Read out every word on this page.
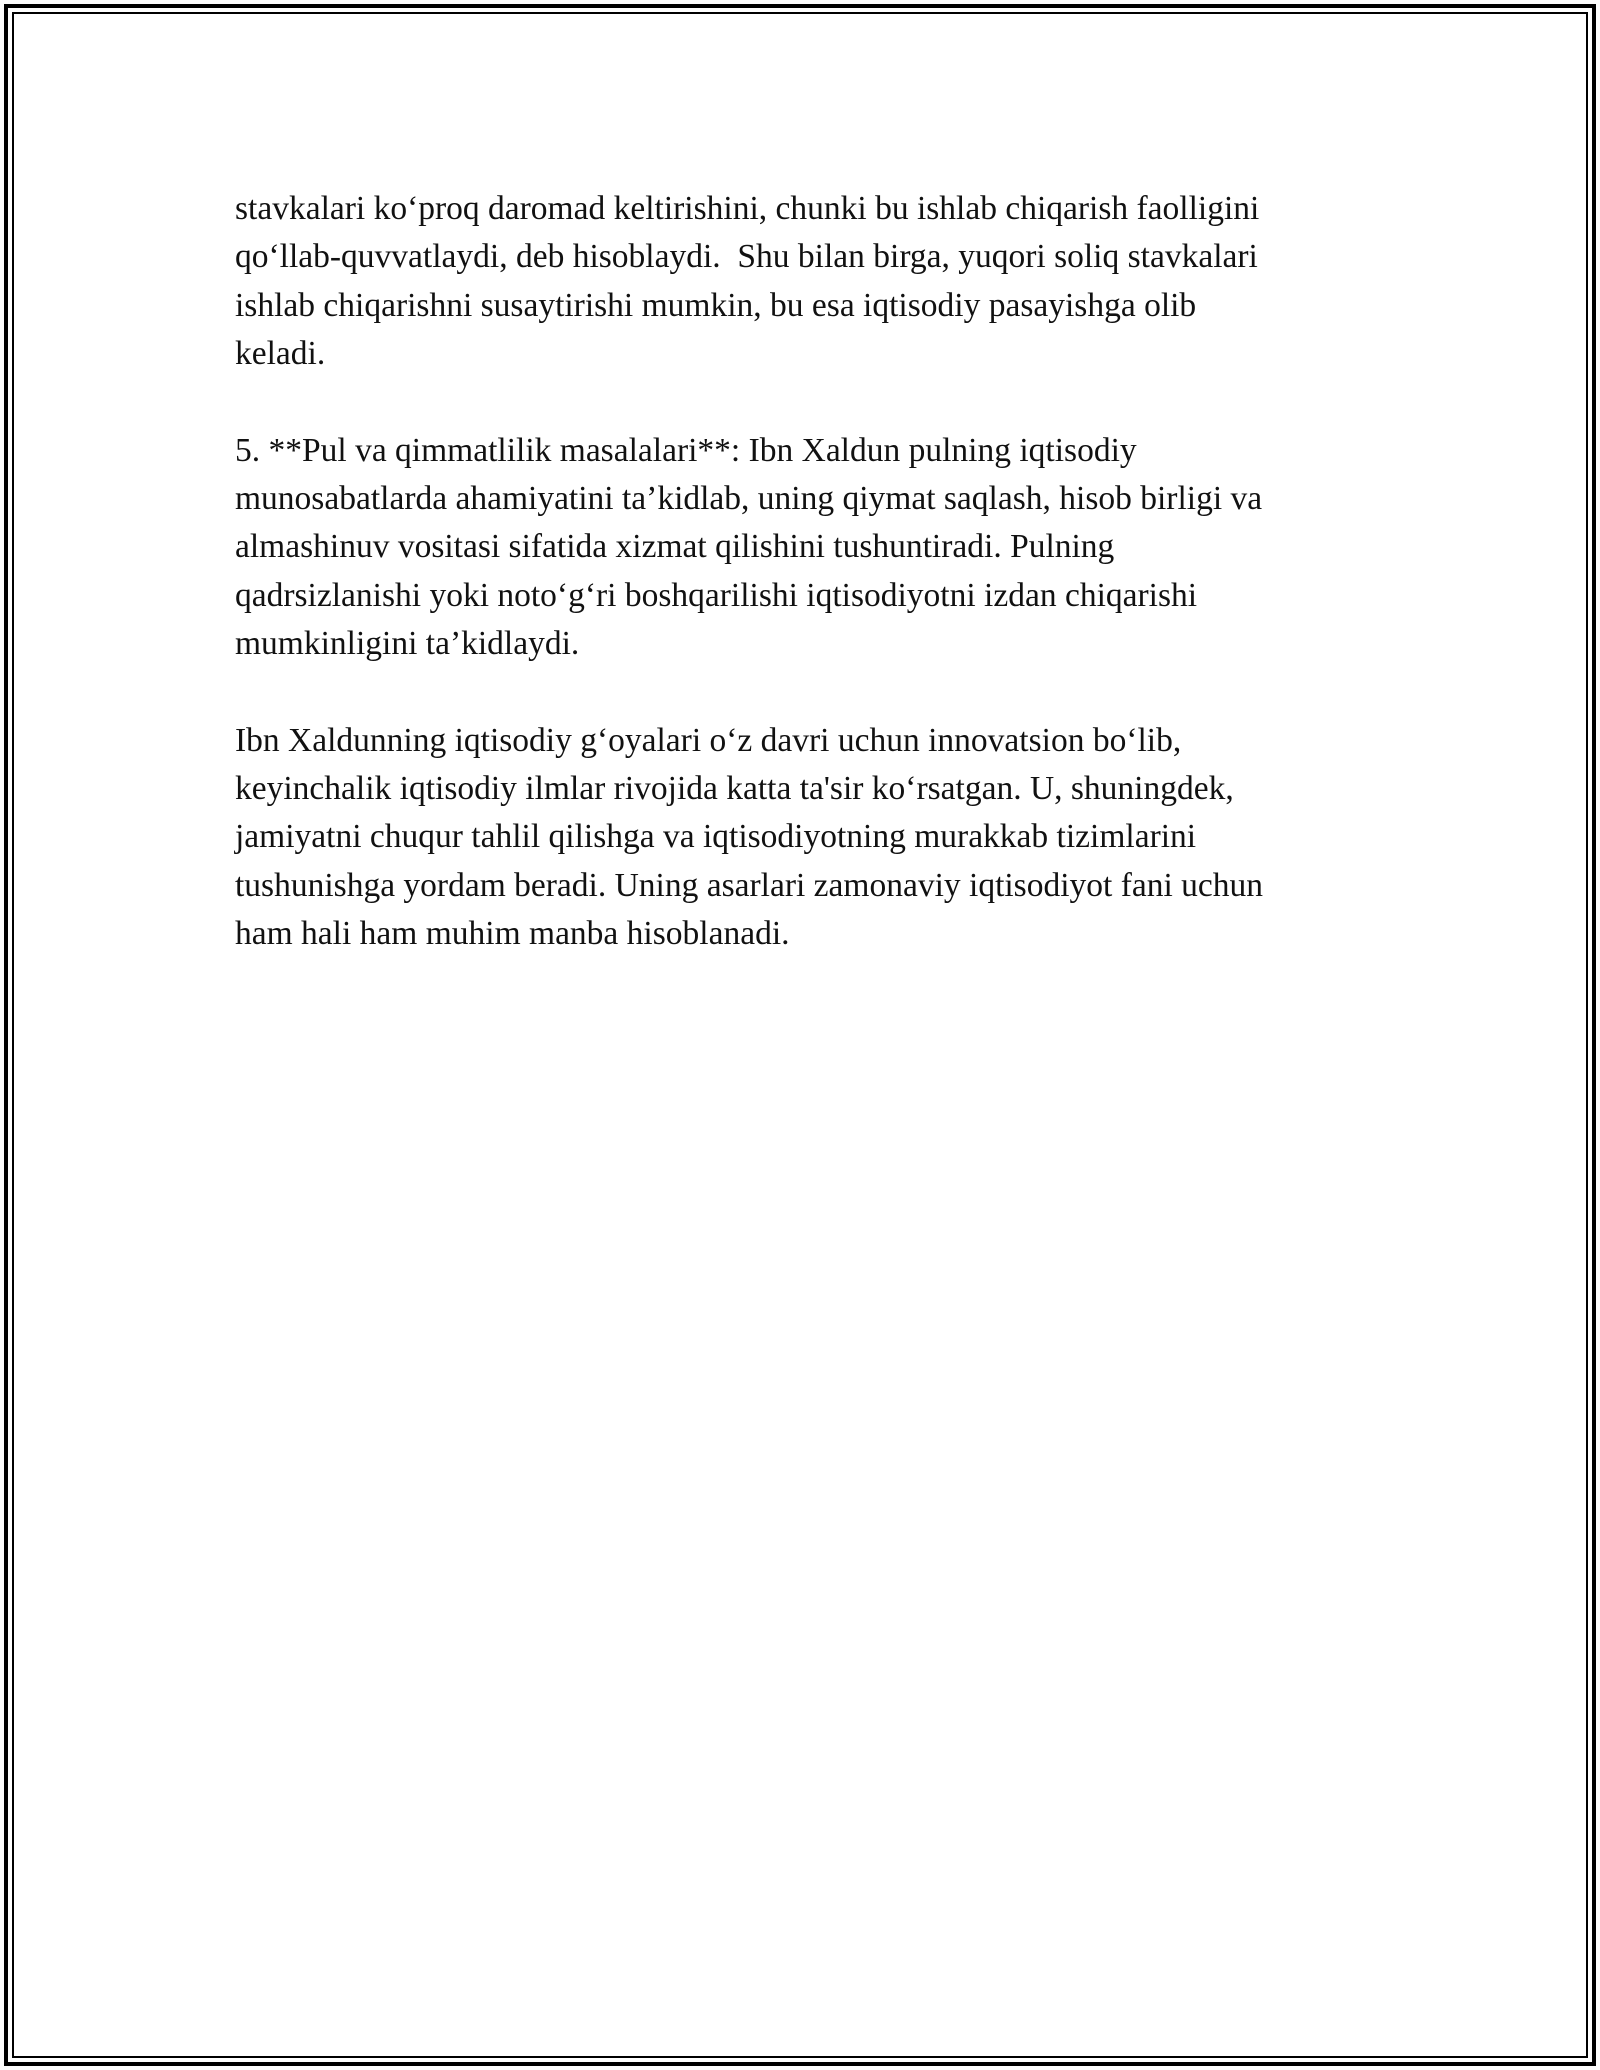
stavkalari ko‘proq daromad keltirishini, chunki bu ishlab chiqarish faolligini
qo‘llab-quvvatlaydi, deb hisoblaydi.  Shu bilan birga, yuqori soliq stavkalari
ishlab chiqarishni susaytirishi mumkin, bu esa iqtisodiy pasayishga olib
keladi.

5. **Pul va qimmatlilik masalalari**: Ibn Xaldun pulning iqtisodiy
munosabatlarda ahamiyatini ta’kidlab, uning qiymat saqlash, hisob birligi va
almashinuv vositasi sifatida xizmat qilishini tushuntiradi. Pulning
qadrsizlanishi yoki noto‘g‘ri boshqarilishi iqtisodiyotni izdan chiqarishi
mumkinligini ta’kidlaydi.

Ibn Xaldunning iqtisodiy g‘oyalari o‘z davri uchun innovatsion bo‘lib,
keyinchalik iqtisodiy ilmlar rivojida katta ta'sir ko‘rsatgan. U, shuningdek,
jamiyatni chuqur tahlil qilishga va iqtisodiyotning murakkab tizimlarini
tushunishga yordam beradi. Uning asarlari zamonaviy iqtisodiyot fani uchun
ham hali ham muhim manba hisoblanadi.
